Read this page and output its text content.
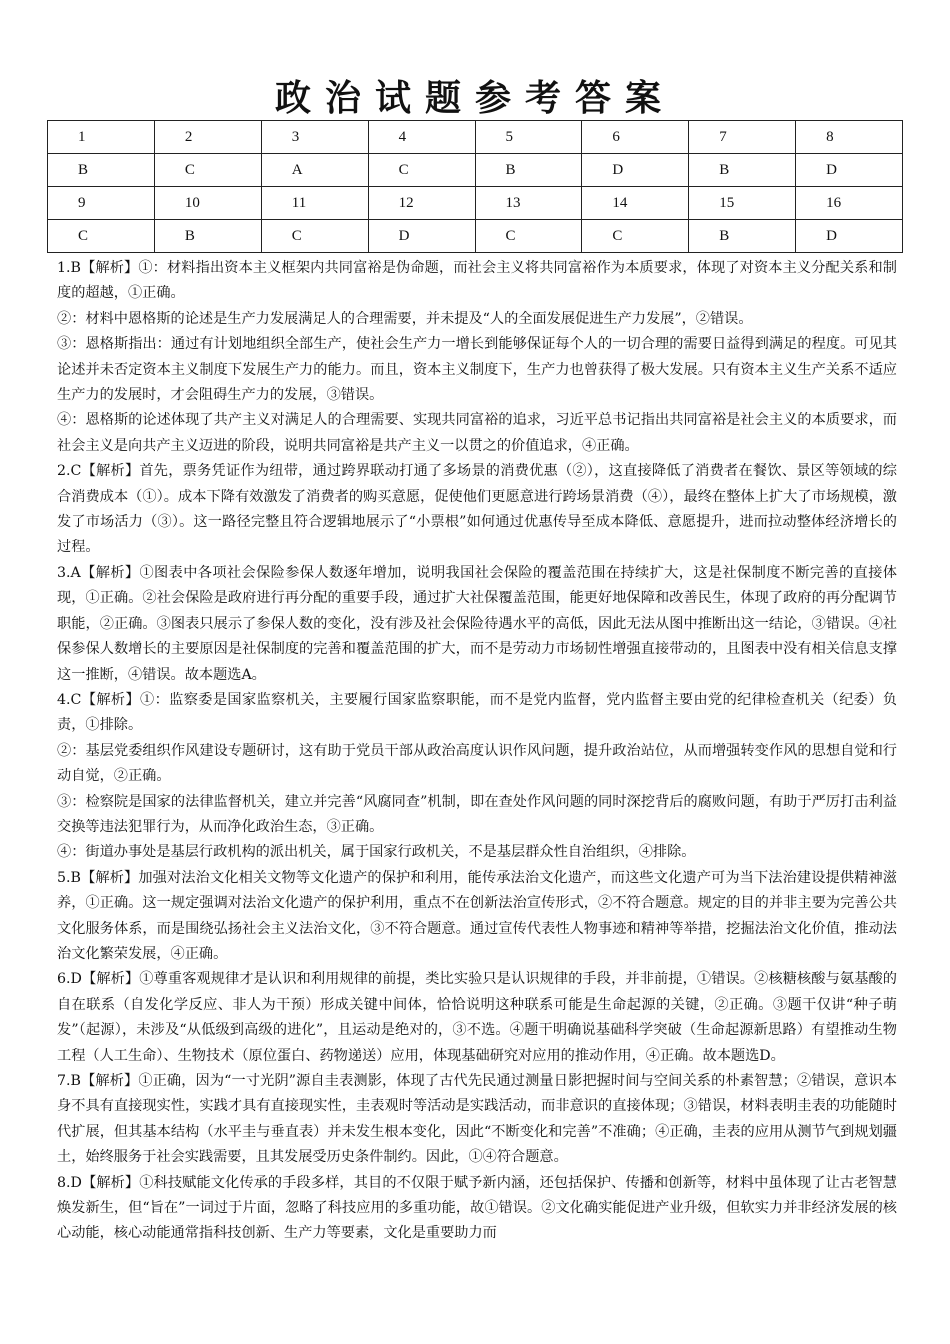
政治试题参考答案
1	2	3	4	5	6	7	8
B	C	A	C	B	D	B	D
9	10	11	12	13	14	15	16
C	B	C	D	C	C	B	D

1.B【解析】①：材料指出资本主义框架内共同富裕是伪命题，而社会主义将共同富裕作为本质要求，体现了对资本主义分配关系和制度的超越，①正确。

②：材料中恩格斯的论述是生产力发展满足人的合理需要，并未提及“人的全面发展促进生产力发展”，②错误。

③：恩格斯指出：通过有计划地组织全部生产，使社会生产力一增长到能够保证每个人的一切合理的需要日益得到满足的程度。可见其论述并未否定资本主义制度下发展生产力的能力。而且，资本主义制度下，生产力也曾获得了极大发展。只有资本主义生产关系不适应生产力的发展时，才会阻碍生产力的发展，③错误。

④：恩格斯的论述体现了共产主义对满足人的合理需要、实现共同富裕的追求，习近平总书记指出共同富裕是社会主义的本质要求，而社会主义是向共产主义迈进的阶段，说明共同富裕是共产主义一以贯之的价值追求，④正确。

2.C【解析】首先，票务凭证作为纽带，通过跨界联动打通了多场景的消费优惠（②），这直接降低了消费者在餐饮、景区等领域的综合消费成本（①）。成本下降有效激发了消费者的购买意愿，促使他们更愿意进行跨场景消费（④），最终在整体上扩大了市场规模，激发了市场活力（③）。这一路径完整且符合逻辑地展示了“小票根”如何通过优惠传导至成本降低、意愿提升，进而拉动整体经济增长的过程。

3.A【解析】①图表中各项社会保险参保人数逐年增加，说明我国社会保险的覆盖范围在持续扩大，这是社保制度不断完善的直接体现，①正确。②社会保险是政府进行再分配的重要手段，通过扩大社保覆盖范围，能更好地保障和改善民生，体现了政府的再分配调节职能，②正确。③图表只展示了参保人数的变化，没有涉及社会保险待遇水平的高低，因此无法从图中推断出这一结论，③错误。④社保参保人数增长的主要原因是社保制度的完善和覆盖范围的扩大，而不是劳动力市场韧性增强直接带动的，且图表中没有相关信息支撑这一推断，④错误。故本题选A。

4.C【解析】①：监察委是国家监察机关，主要履行国家监察职能，而不是党内监督，党内监督主要由党的纪律检查机关（纪委）负责，①排除。

②：基层党委组织作风建设专题研讨，这有助于党员干部从政治高度认识作风问题，提升政治站位，从而增强转变作风的思想自觉和行动自觉，②正确。

③：检察院是国家的法律监督机关，建立并完善“风腐同查”机制，即在查处作风问题的同时深挖背后的腐败问题，有助于严厉打击利益交换等违法犯罪行为，从而净化政治生态，③正确。

④：街道办事处是基层行政机构的派出机关，属于国家行政机关，不是基层群众性自治组织，④排除。

5.B【解析】加强对法治文化相关文物等文化遗产的保护和利用，能传承法治文化遗产，而这些文化遗产可为当下法治建设提供精神滋养，①正确。这一规定强调对法治文化遗产的保护利用，重点不在创新法治宣传形式，②不符合题意。规定的目的并非主要为完善公共文化服务体系，而是围绕弘扬社会主义法治文化，③不符合题意。通过宣传代表性人物事迹和精神等举措，挖掘法治文化价值，推动法治文化繁荣发展，④正确。

6.D【解析】①尊重客观规律才是认识和利用规律的前提，类比实验只是认识规律的手段，并非前提，①错误。②核糖核酸与氨基酸的自在联系（自发化学反应、非人为干预）形成关键中间体，恰恰说明这种联系可能是生命起源的关键，②正确。③题干仅讲“种子萌发”（起源），未涉及“从低级到高级的进化”，且运动是绝对的，③不选。④题干明确说基础科学突破（生命起源新思路）有望推动生物工程（人工生命）、生物技术（原位蛋白、药物递送）应用，体现基础研究对应用的推动作用，④正确。故本题选D。

7.B【解析】①正确，因为“一寸光阴”源自圭表测影，体现了古代先民通过测量日影把握时间与空间关系的朴素智慧；②错误，意识本身不具有直接现实性，实践才具有直接现实性，圭表观时等活动是实践活动，而非意识的直接体现；③错误，材料表明圭表的功能随时代扩展，但其基本结构（水平圭与垂直表）并未发生根本变化，因此“不断变化和完善”不准确；④正确，圭表的应用从测节气到规划疆土，始终服务于社会实践需要，且其发展受历史条件制约。因此，①④符合题意。

8.D【解析】①科技赋能文化传承的手段多样，其目的不仅限于赋予新内涵，还包括保护、传播和创新等，材料中虽体现了让古老智慧焕发新生，但“旨在”一词过于片面，忽略了科技应用的多重功能，故①错误。②文化确实能促进产业升级，但软实力并非经济发展的核心动能，核心动能通常指科技创新、生产力等要素，文化是重要助力而
